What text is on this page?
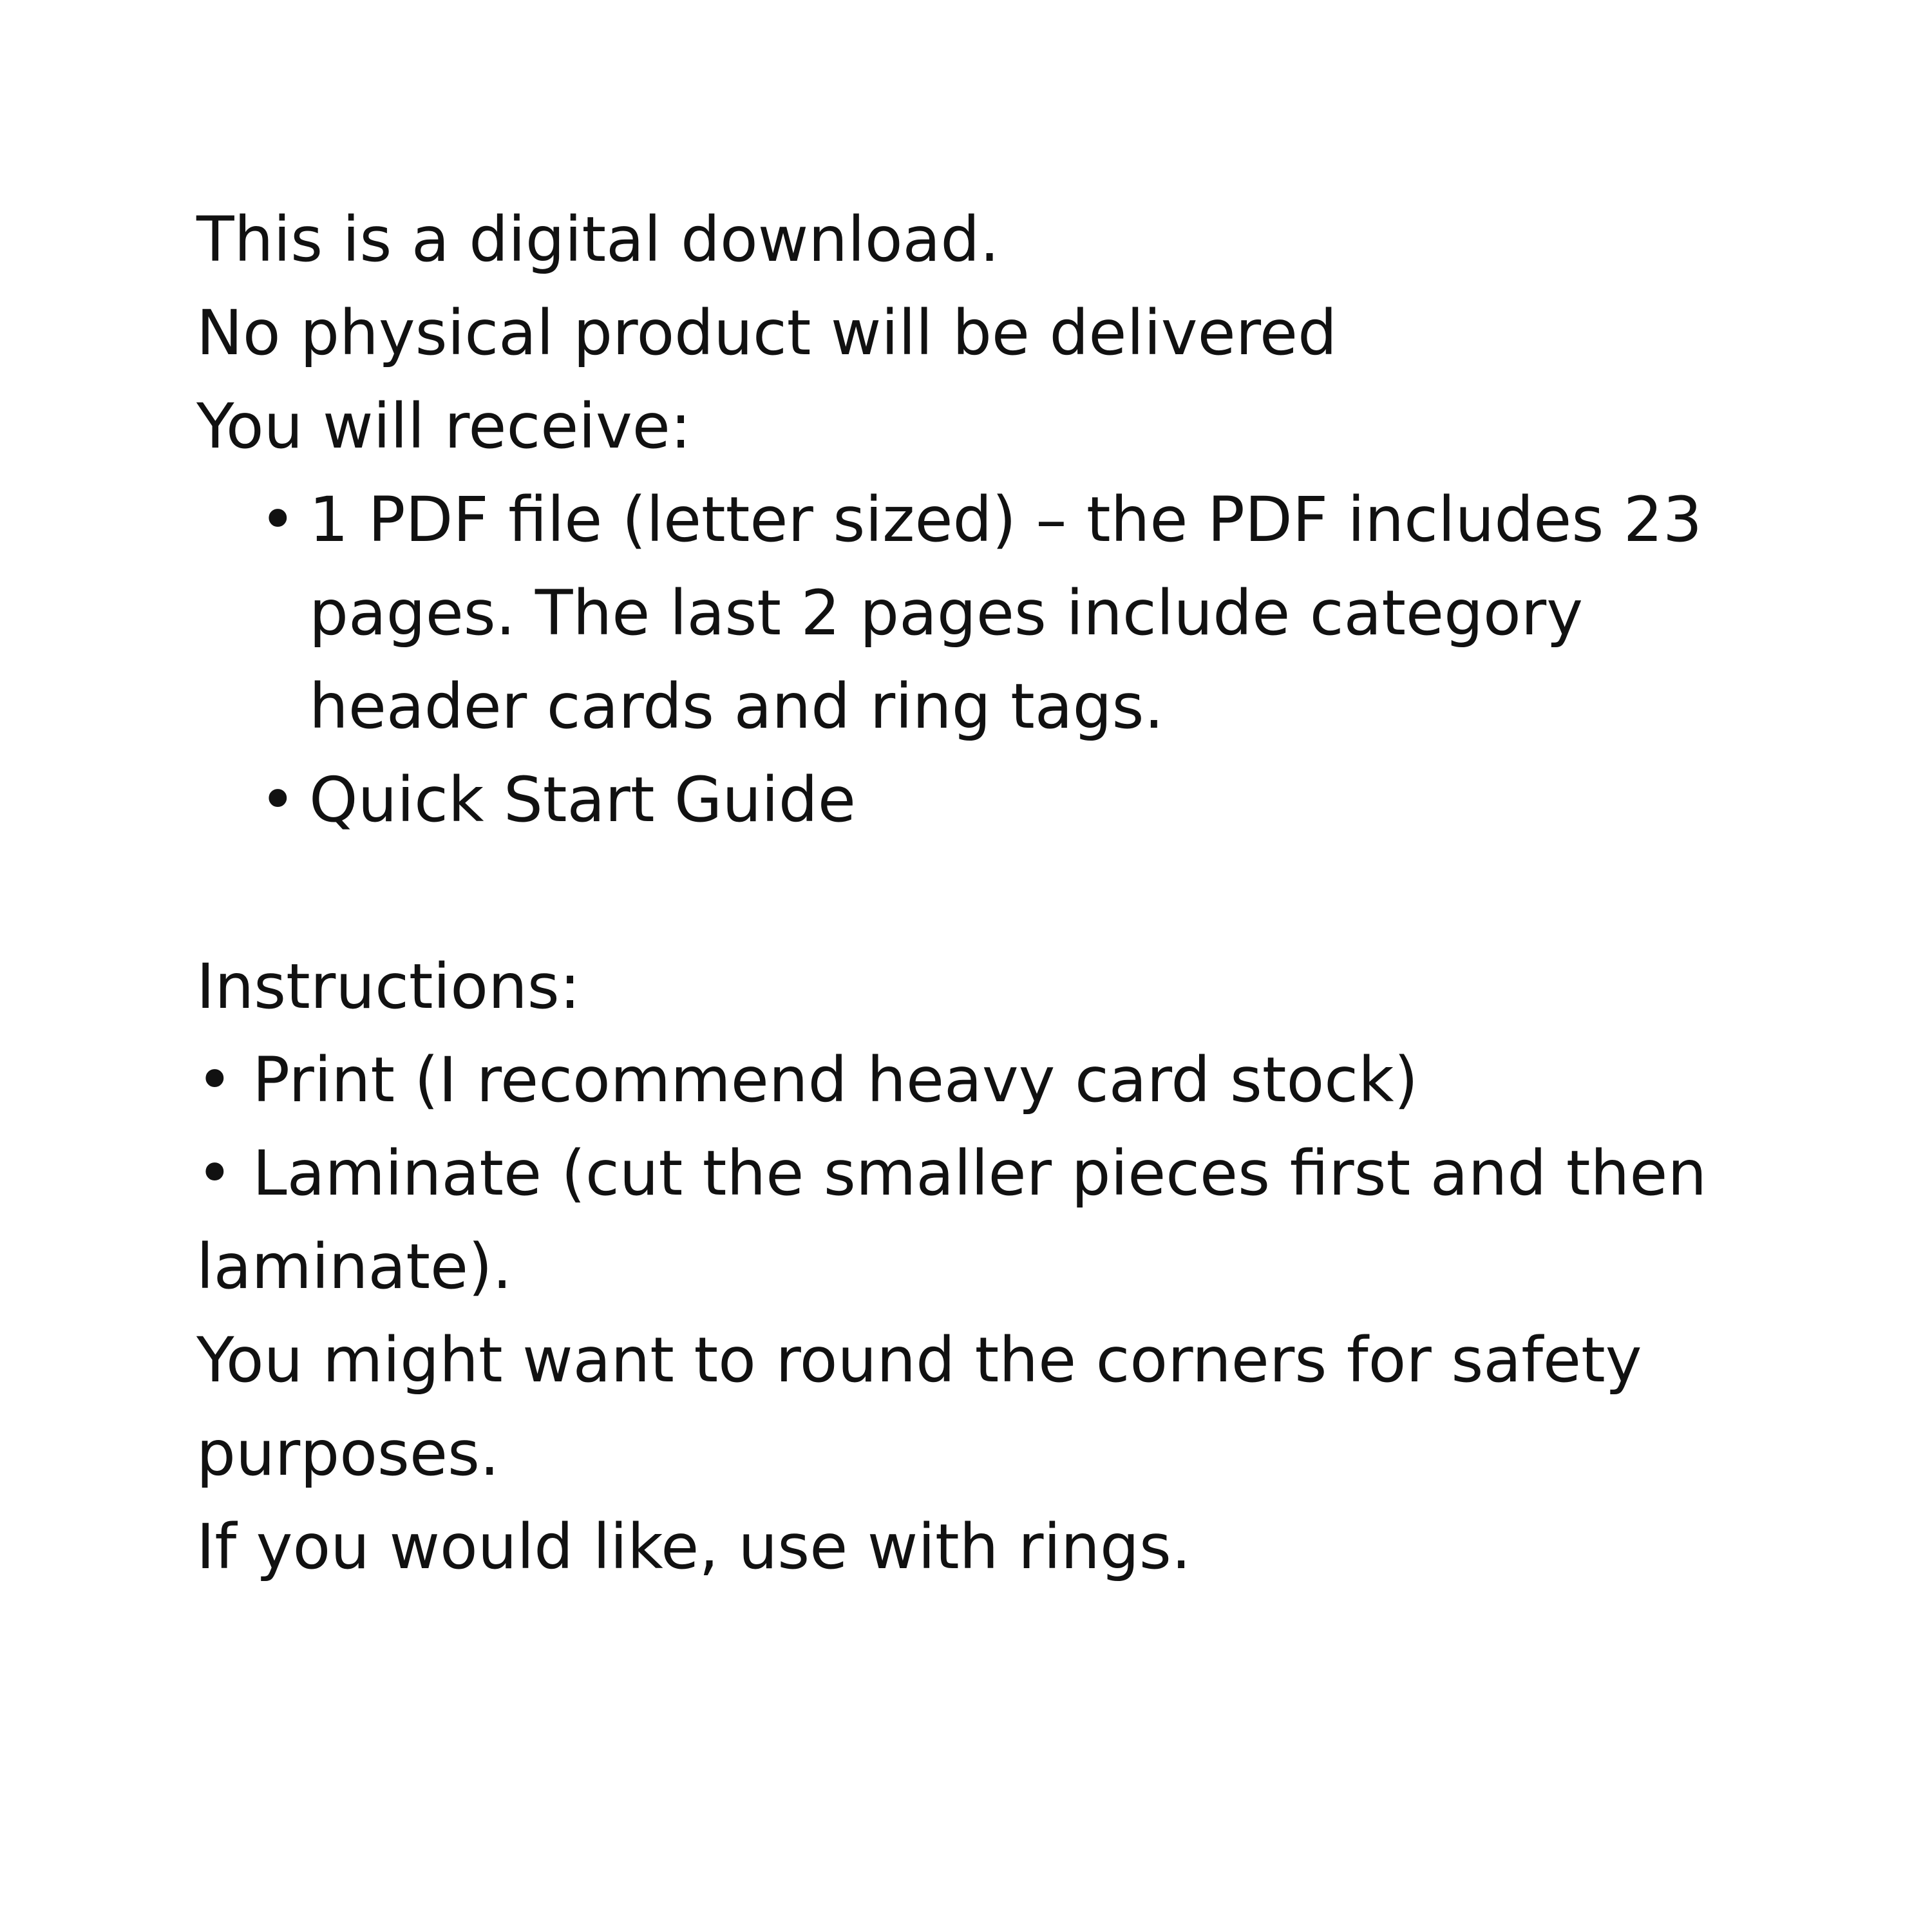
This is a digital download.
No physical product will be delivered
You will receive:
• 1 PDF file (letter sized) – the PDF includes 23
pages. The last 2 pages include category
header cards and ring tags.
• Quick Start Guide
Instructions:
• Print (I recommend heavy card stock)
• Laminate (cut the smaller pieces first and then
laminate).
You might want to round the corners for safety
purposes.
If you would like, use with rings.
